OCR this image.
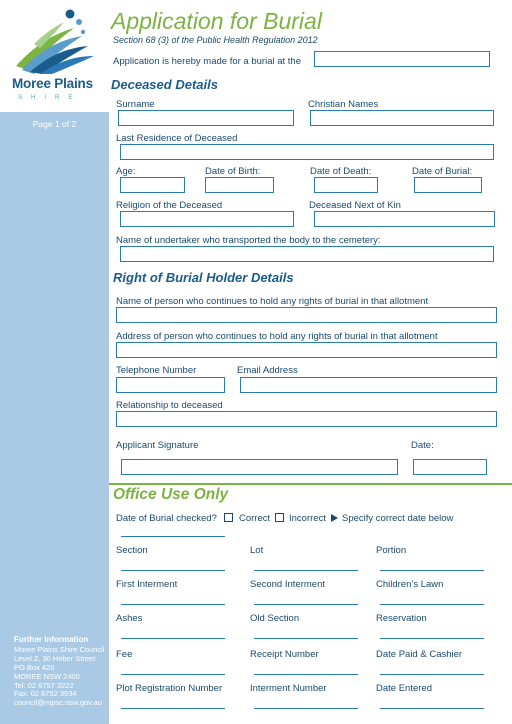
Moree Plains
SHIRE
Page 1 of 2
Further Information
Moree Plains Shire Council
Level 2, 30 Heber Street
PO Box 420
MOREE NSW 2400
Tel: 02 6757 3222
Fax: 02 6752 3934
council@mpsc.nsw.gov.au
Application for Burial
Section 68 (3) of the Public Health Regulation 2012
Application is hereby made for a burial at the
Deceased Details
Surname	Christian Names
Last Residence of Deceased
Age:	Date of Birth:	Date of Death:	Date of Burial:
Religion of the Deceased	Deceased Next of Kin
Name of undertaker who transported the body to the cemetery:
Right of Burial Holder Details
Name of person who continues to hold any rights of burial in that allotment
Address of person who continues to hold any rights of burial in that allotment
Telephone Number	Email Address
Relationship to deceased
Applicant Signature	Date:
Office Use Only
Date of Burial checked? Correct Incorrect Specify correct date below
Section	Lot	Portion
First Interment	Second Interment	Children’s Lawn
Ashes	Old Section	Reservation
Fee	Receipt Number	Date Paid & Cashier
Plot Registration Number	Interment Number	Date Entered
